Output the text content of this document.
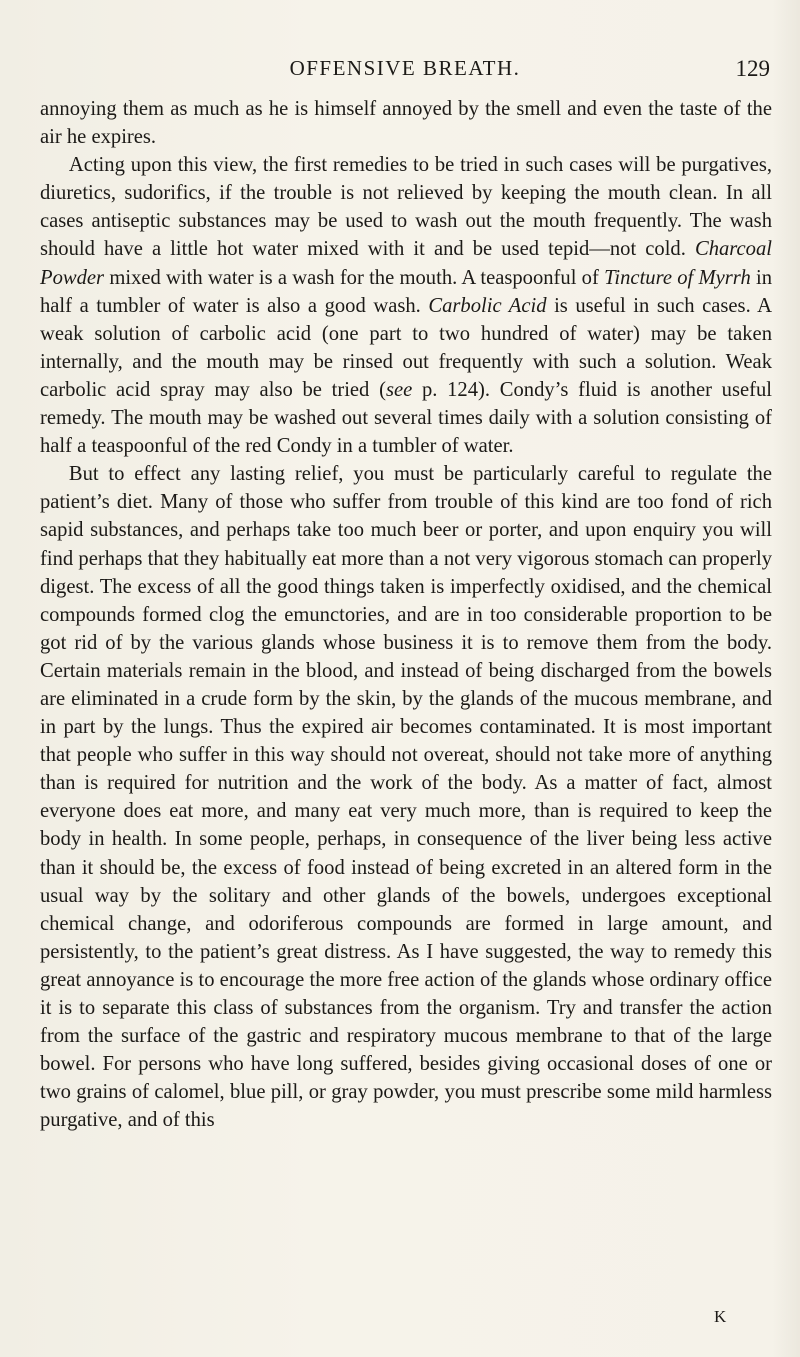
OFFENSIVE BREATH.	129

annoying them as much as he is himself annoyed by the smell and even the taste of the air he expires.

Acting upon this view, the first remedies to be tried in such cases will be purgatives, diuretics, sudorifics, if the trouble is not relieved by keeping the mouth clean. In all cases antiseptic substances may be used to wash out the mouth frequently. The wash should have a little hot water mixed with it and be used tepid—not cold. Charcoal Powder mixed with water is a wash for the mouth. A teaspoonful of Tincture of Myrrh in half a tumbler of water is also a good wash. Carbolic Acid is useful in such cases. A weak solution of carbolic acid (one part to two hundred of water) may be taken internally, and the mouth may be rinsed out frequently with such a solution. Weak carbolic acid spray may also be tried (see p. 124). Condy’s fluid is another useful remedy. The mouth may be washed out several times daily with a solution consisting of half a teaspoonful of the red Condy in a tumbler of water.

But to effect any lasting relief, you must be particularly careful to regulate the patient’s diet. Many of those who suffer from trouble of this kind are too fond of rich sapid substances, and perhaps take too much beer or porter, and upon enquiry you will find perhaps that they habitually eat more than a not very vigorous stomach can properly digest. The excess of all the good things taken is imperfectly oxidised, and the chemical compounds formed clog the emunctories, and are in too considerable proportion to be got rid of by the various glands whose business it is to remove them from the body. Certain materials remain in the blood, and instead of being discharged from the bowels are eliminated in a crude form by the skin, by the glands of the mucous membrane, and in part by the lungs. Thus the expired air becomes contaminated. It is most important that people who suffer in this way should not overeat, should not take more of anything than is required for nutrition and the work of the body. As a matter of fact, almost everyone does eat more, and many eat very much more, than is required to keep the body in health. In some people, perhaps, in consequence of the liver being less active than it should be, the excess of food instead of being excreted in an altered form in the usual way by the solitary and other glands of the bowels, undergoes exceptional chemical change, and odoriferous compounds are formed in large amount, and persistently, to the patient’s great distress. As I have suggested, the way to remedy this great annoyance is to encourage the more free action of the glands whose ordinary office it is to separate this class of substances from the organism. Try and transfer the action from the surface of the gastric and respiratory mucous membrane to that of the large bowel. For persons who have long suffered, besides giving occasional doses of one or two grains of calomel, blue pill, or gray powder, you must prescribe some mild harmless purgative, and of this

K
